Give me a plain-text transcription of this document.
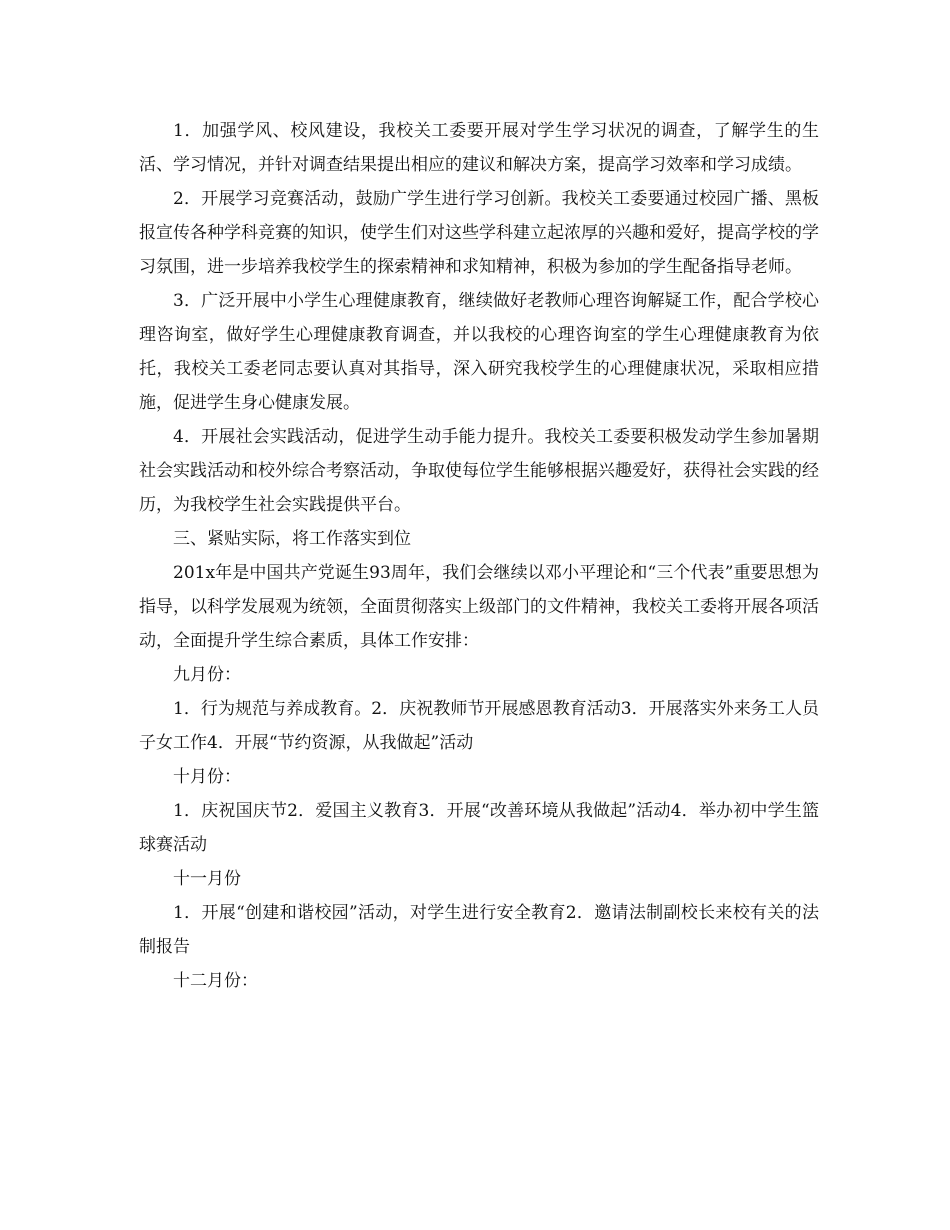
1．加强学风、校风建设，我校关工委要开展对学生学习状况的调查，了解学生的生活、学习情况，并针对调查结果提出相应的建议和解决方案，提高学习效率和学习成绩。

2．开展学习竞赛活动，鼓励广学生进行学习创新。我校关工委要通过校园广播、黑板报宣传各种学科竞赛的知识，使学生们对这些学科建立起浓厚的兴趣和爱好，提高学校的学习氛围，进一步培养我校学生的探索精神和求知精神，积极为参加的学生配备指导老师。

3．广泛开展中小学生心理健康教育，继续做好老教师心理咨询解疑工作，配合学校心理咨询室，做好学生心理健康教育调查，并以我校的心理咨询室的学生心理健康教育为依托，我校关工委老同志要认真对其指导，深入研究我校学生的心理健康状况，采取相应措施，促进学生身心健康发展。

4．开展社会实践活动，促进学生动手能力提升。我校关工委要积极发动学生参加暑期社会实践活动和校外综合考察活动，争取使每位学生能够根据兴趣爱好，获得社会实践的经历，为我校学生社会实践提供平台。

三、紧贴实际，将工作落实到位

201x年是中国共产党诞生93周年，我们会继续以邓小平理论和“三个代表”重要思想为指导，以科学发展观为统领，全面贯彻落实上级部门的文件精神，我校关工委将开展各项活动，全面提升学生综合素质，具体工作安排：

九月份：

1．行为规范与养成教育。2．庆祝教师节开展感恩教育活动3．开展落实外来务工人员子女工作4．开展“节约资源，从我做起”活动

十月份：

1．庆祝国庆节2．爱国主义教育3．开展“改善环境从我做起”活动4．举办初中学生篮球赛活动

十一月份

1．开展“创建和谐校园”活动，对学生进行安全教育2．邀请法制副校长来校有关的法制报告

十二月份：
